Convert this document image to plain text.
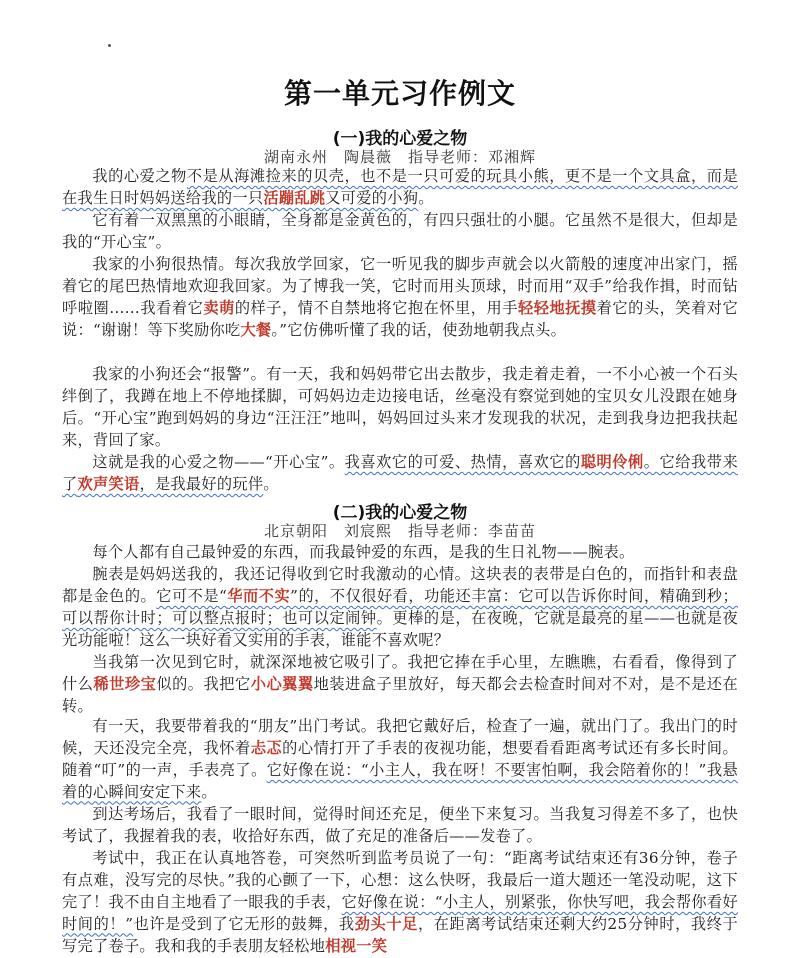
第一单元习作例文
(一)我的心爱之物
湖南永州　陶晨薇　指导老师：邓湘辉
我的心爱之物不是从海滩捡来的贝壳，也不是一只可爱的玩具小熊，更不是一个文具盒，而是在我生日时妈妈送给我的一只活蹦乱跳又可爱的小狗。
它有着一双黑黑的小眼睛，全身都是金黄色的，有四只强壮的小腿。它虽然不是很大，但却是我的“开心宝”。
我家的小狗很热情。每次我放学回家，它一听见我的脚步声就会以火箭般的速度冲出家门，摇着它的尾巴热情地欢迎我回家。为了博我一笑，它时而用头顶球，时而用“双手”给我作揖，时而钻呼啦圈……我看着它卖萌的样子，情不自禁地将它抱在怀里，用手轻轻地抚摸着它的头，笑着对它说：“谢谢！等下奖励你吃大餐。”它仿佛听懂了我的话，使劲地朝我点头。
我家的小狗还会“报警”。有一天，我和妈妈带它出去散步，我走着走着，一不小心被一个石头绊倒了，我蹲在地上不停地揉脚，可妈妈边走边接电话，丝毫没有察觉到她的宝贝女儿没跟在她身后。“开心宝”跑到妈妈的身边“汪汪汪”地叫，妈妈回过头来才发现我的状况，走到我身边把我扶起来，背回了家。
这就是我的心爱之物——“开心宝”。我喜欢它的可爱、热情，喜欢它的聪明伶俐。它给我带来了欢声笑语，是我最好的玩伴。
(二)我的心爱之物
北京朝阳　刘宸熙　指导老师：李苗苗
每个人都有自己最钟爱的东西，而我最钟爱的东西，是我的生日礼物——腕表。
腕表是妈妈送我的，我还记得收到它时我激动的心情。这块表的表带是白色的，而指针和表盘都是金色的。它可不是“华而不实”的，不仅很好看，功能还丰富：它可以告诉你时间，精确到秒；可以帮你计时；可以整点报时；也可以定闹钟。更棒的是，在夜晚，它就是最亮的星——也就是夜光功能啦！这么一块好看又实用的手表，谁能不喜欢呢？
当我第一次见到它时，就深深地被它吸引了。我把它捧在手心里，左瞧瞧，右看看，像得到了什么稀世珍宝似的。我把它小心翼翼地装进盒子里放好，每天都会去检查时间对不对，是不是还在转。
有一天，我要带着我的“朋友”出门考试。我把它戴好后，检查了一遍，就出门了。我出门的时候，天还没完全亮，我怀着忐忑的心情打开了手表的夜视功能，想要看看距离考试还有多长时间。随着“叮”的一声，手表亮了。它好像在说：“小主人，我在呀！不要害怕啊，我会陪着你的！”我悬着的心瞬间安定下来。
到达考场后，我看了一眼时间，觉得时间还充足，便坐下来复习。当我复习得差不多了，也快考试了，我握着我的表，收拾好东西，做了充足的准备后——发卷了。
考试中，我正在认真地答卷，可突然听到监考员说了一句：“距离考试结束还有36分钟，卷子有点难，没写完的尽快。”我的心颤了一下，心想：这么快呀，我最后一道大题还一笔没动呢，这下完了！我不由自主地看了一眼我的手表，它好像在说：“小主人，别紧张，你快写吧，我会帮你看好时间的！”也许是受到了它无形的鼓舞，我劲头十足，在距离考试结束还剩大约25分钟时，我终于写完了卷子。我和我的手表朋友轻松地相视一笑
